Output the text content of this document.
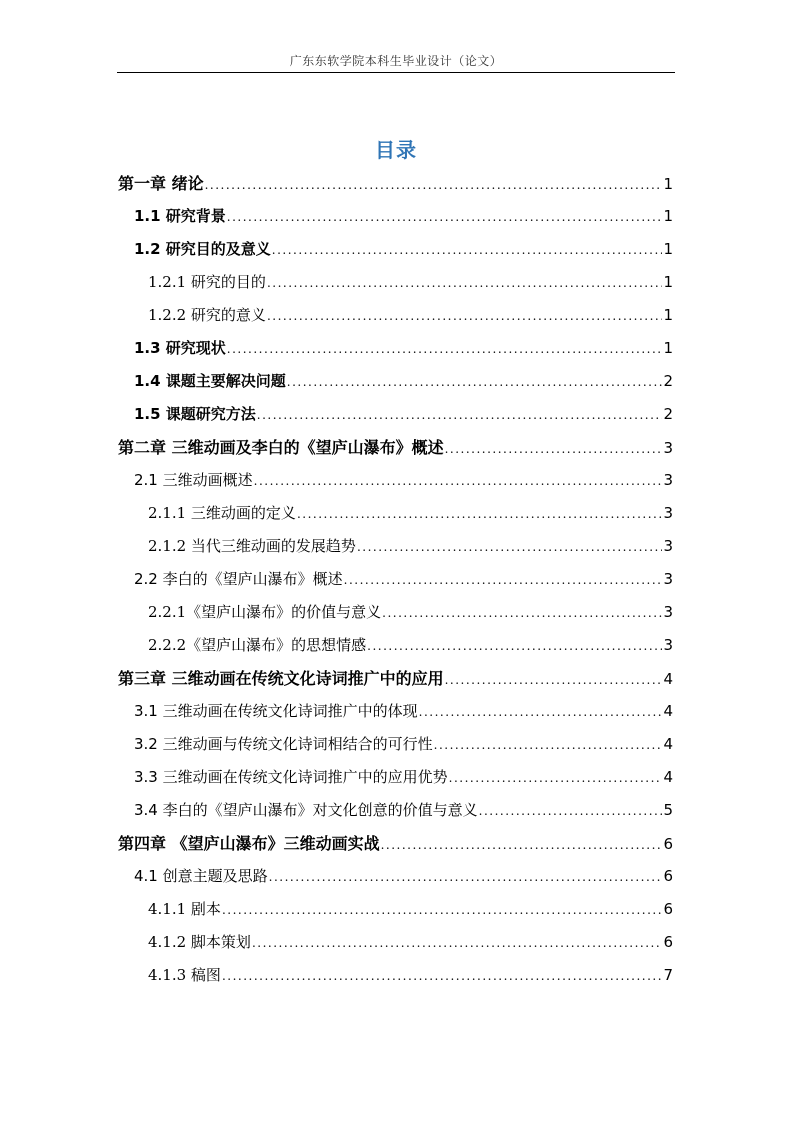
广东东软学院本科生毕业设计（论文）
目录
第一章 绪论 .....	1
1.1 研究背景 .....	1
1.2 研究目的及意义 .....	1
1.2.1 研究的目的 .....	1
1.2.2 研究的意义 .....	1
1.3 研究现状 .....	1
1.4 课题主要解决问题 .....	2
1.5 课题研究方法 .....	2
第二章 三维动画及李白的《望庐山瀑布》概述 .....	3
2.1 三维动画概述 .....	3
2.1.1 三维动画的定义 .....	3
2.1.2 当代三维动画的发展趋势 .....	3
2.2 李白的《望庐山瀑布》概述 .....	3
2.2.1《望庐山瀑布》的价值与意义 .....	3
2.2.2《望庐山瀑布》的思想情感 .....	3
第三章 三维动画在传统文化诗词推广中的应用 .....	4
3.1 三维动画在传统文化诗词推广中的体现 .....	4
3.2 三维动画与传统文化诗词相结合的可行性 .....	4
3.3 三维动画在传统文化诗词推广中的应用优势 .....	4
3.4 李白的《望庐山瀑布》对文化创意的价值与意义 .....	5
第四章 《望庐山瀑布》三维动画实战 .....	6
4.1 创意主题及思路 .....	6
4.1.1 剧本 .....	6
4.1.2 脚本策划 .....	6
4.1.3 稿图 .....	7
